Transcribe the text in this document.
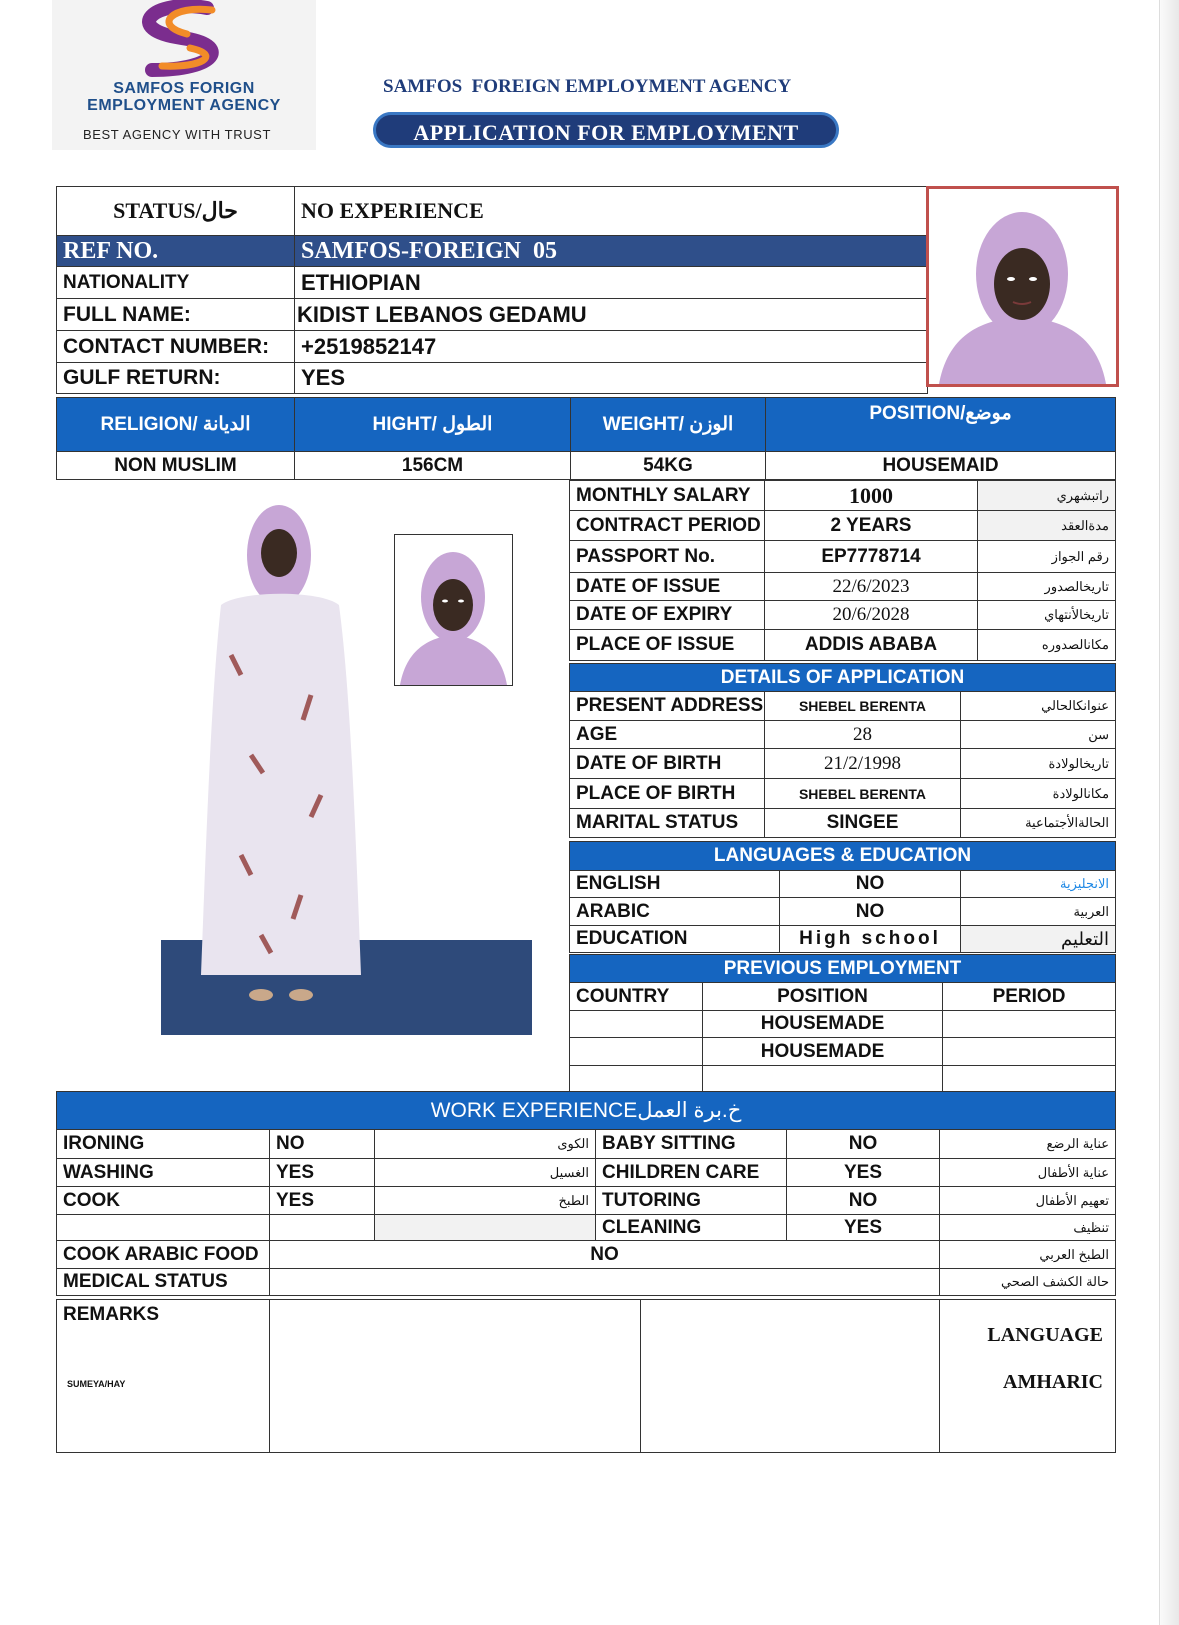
SAMFOS FORIGN
EMPLOYMENT AGENCY
BEST AGENCY WITH TRUST
SAMFOS  FOREIGN EMPLOYMENT AGENCY
APPLICATION FOR EMPLOYMENT
STATUS/حال	NO EXPERIENCE
REF NO.	SAMFOS-FOREIGN  05
NATIONALITY	ETHIOPIAN
FULL NAME:	KIDIST LEBANOS GEDAMU
CONTACT NUMBER:	+2519852147
GULF RETURN:	YES
RELIGION/ الديانة	HIGHT/ الطول	WEIGHT/ الوزن	POSITION/موضع
NON MUSLIM	156CM	54KG	HOUSEMAID
MONTHLY SALARY	1000	راتبشهري
CONTRACT PERIOD	2 YEARS	مدةالعقد
PASSPORT No.	EP7778714	رقم الجواز
DATE OF ISSUE	22/6/2023	تاريخالصدور
DATE OF EXPIRY	20/6/2028	تاريخالأنتهاي
PLACE OF ISSUE	ADDIS ABABA	مكانالصدوره
DETAILS OF APPLICATION		
PRESENT ADDRESS	SHEBEL BERENTA	عنوانكالحالي
AGE	28	سن
DATE OF BIRTH	21/2/1998	تاريخالولادة
PLACE OF BIRTH	SHEBEL BERENTA	مكانالولادة
MARITAL STATUS	SINGEE	الحالةالأجتماعية
LANGUAGES & EDUCATION		
ENGLISH	NO	الانجليزية
ARABIC	NO	العربية
EDUCATION	High school	التعليم
PREVIOUS EMPLOYMENT		
COUNTRY	POSITION	PERIOD
	HOUSEMADE	
	HOUSEMADE	

WORK EXPERIENCEخ.برة العمل					
IRONING	NO	الكوى	BABY SITTING	NO	عناية الرضع
WASHING	YES	الغسيل	CHILDREN CARE	YES	عناية الأطفال
COOK	YES	الطبخ	TUTORING	NO	تعهيم الأطفال
			CLEANING	YES	تنظيف
COOK ARABIC FOOD	NO				الطبخ العربي
MEDICAL STATUS					حالة الكشف الصحي
REMARKS
SUMEYA/HAY

LANGUAGE
AMHARIC
